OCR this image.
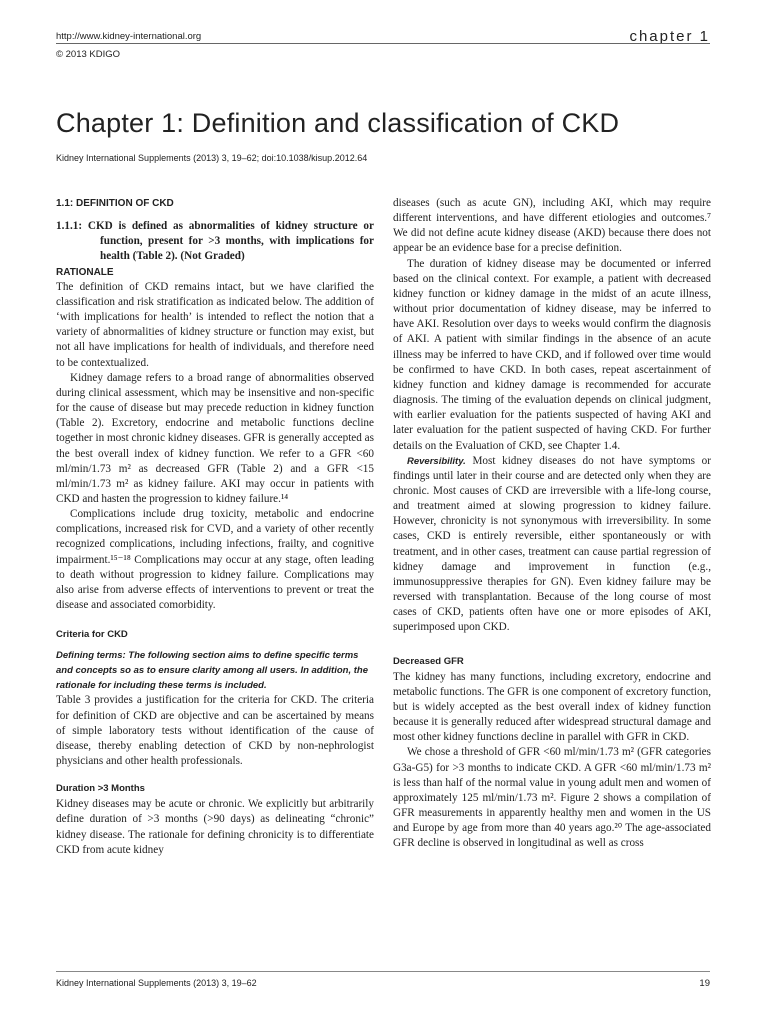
http://www.kidney-international.org	chapter 1
© 2013 KDIGO
Chapter 1: Definition and classification of CKD
Kidney International Supplements (2013) 3, 19–62; doi:10.1038/kisup.2012.64
1.1: DEFINITION OF CKD

1.1.1: CKD is defined as abnormalities of kidney structure or function, present for >3 months, with implications for health (Table 2). (Not Graded)

RATIONALE

The definition of CKD remains intact, but we have clarified the classification and risk stratification as indicated below. The addition of ‘with implications for health’ is intended to reflect the notion that a variety of abnormalities of kidney structure or function may exist, but not all have implications for health of individuals, and therefore need to be contextualized.

Kidney damage refers to a broad range of abnormalities observed during clinical assessment, which may be insensitive and non-specific for the cause of disease but may precede reduction in kidney function (Table 2). Excretory, endocrine and metabolic functions decline together in most chronic kidney diseases. GFR is generally accepted as the best overall index of kidney function. We refer to a GFR <60 ml/min/1.73 m² as decreased GFR (Table 2) and a GFR <15 ml/min/1.73 m² as kidney failure. AKI may occur in patients with CKD and hasten the progression to kidney failure.¹⁴

Complications include drug toxicity, metabolic and endocrine complications, increased risk for CVD, and a variety of other recently recognized complications, including infections, frailty, and cognitive impairment.¹⁵⁻¹⁸ Complications may occur at any stage, often leading to death without progression to kidney failure. Complications may also arise from adverse effects of interventions to prevent or treat the disease and associated comorbidity.

Criteria for CKD

Defining terms: The following section aims to define specific terms and concepts so as to ensure clarity among all users. In addition, the rationale for including these terms is included.

Table 3 provides a justification for the criteria for CKD. The criteria for definition of CKD are objective and can be ascertained by means of simple laboratory tests without identification of the cause of disease, thereby enabling detection of CKD by non-nephrologist physicians and other health professionals.

Duration >3 Months

Kidney diseases may be acute or chronic. We explicitly but arbitrarily define duration of >3 months (>90 days) as delineating “chronic” kidney disease. The rationale for defining chronicity is to differentiate CKD from acute kidney

diseases (such as acute GN), including AKI, which may require different interventions, and have different etiologies and outcomes.⁷ We did not define acute kidney disease (AKD) because there does not appear be an evidence base for a precise definition.

The duration of kidney disease may be documented or inferred based on the clinical context. For example, a patient with decreased kidney function or kidney damage in the midst of an acute illness, without prior documentation of kidney disease, may be inferred to have AKI. Resolution over days to weeks would confirm the diagnosis of AKI. A patient with similar findings in the absence of an acute illness may be inferred to have CKD, and if followed over time would be confirmed to have CKD. In both cases, repeat ascertainment of kidney function and kidney damage is recommended for accurate diagnosis. The timing of the evaluation depends on clinical judgment, with earlier evaluation for the patients suspected of having AKI and later evaluation for the patient suspected of having CKD. For further details on the Evaluation of CKD, see Chapter 1.4.

Reversibility. Most kidney diseases do not have symptoms or findings until later in their course and are detected only when they are chronic. Most causes of CKD are irreversible with a life-long course, and treatment aimed at slowing progression to kidney failure. However, chronicity is not synonymous with irreversibility. In some cases, CKD is entirely reversible, either spontaneously or with treatment, and in other cases, treatment can cause partial regression of kidney damage and improvement in function (e.g., immunosuppressive therapies for GN). Even kidney failure may be reversed with transplantation. Because of the long course of most cases of CKD, patients often have one or more episodes of AKI, superimposed upon CKD.

Decreased GFR

The kidney has many functions, including excretory, endocrine and metabolic functions. The GFR is one component of excretory function, but is widely accepted as the best overall index of kidney function because it is generally reduced after widespread structural damage and most other kidney functions decline in parallel with GFR in CKD.

We chose a threshold of GFR <60 ml/min/1.73 m² (GFR categories G3a-G5) for >3 months to indicate CKD. A GFR <60 ml/min/1.73 m² is less than half of the normal value in young adult men and women of approximately 125 ml/min/1.73 m². Figure 2 shows a compilation of GFR measurements in apparently healthy men and women in the US and Europe by age from more than 40 years ago.²⁰ The age-associated GFR decline is observed in longitudinal as well as cross

Kidney International Supplements (2013) 3, 19–62	19
